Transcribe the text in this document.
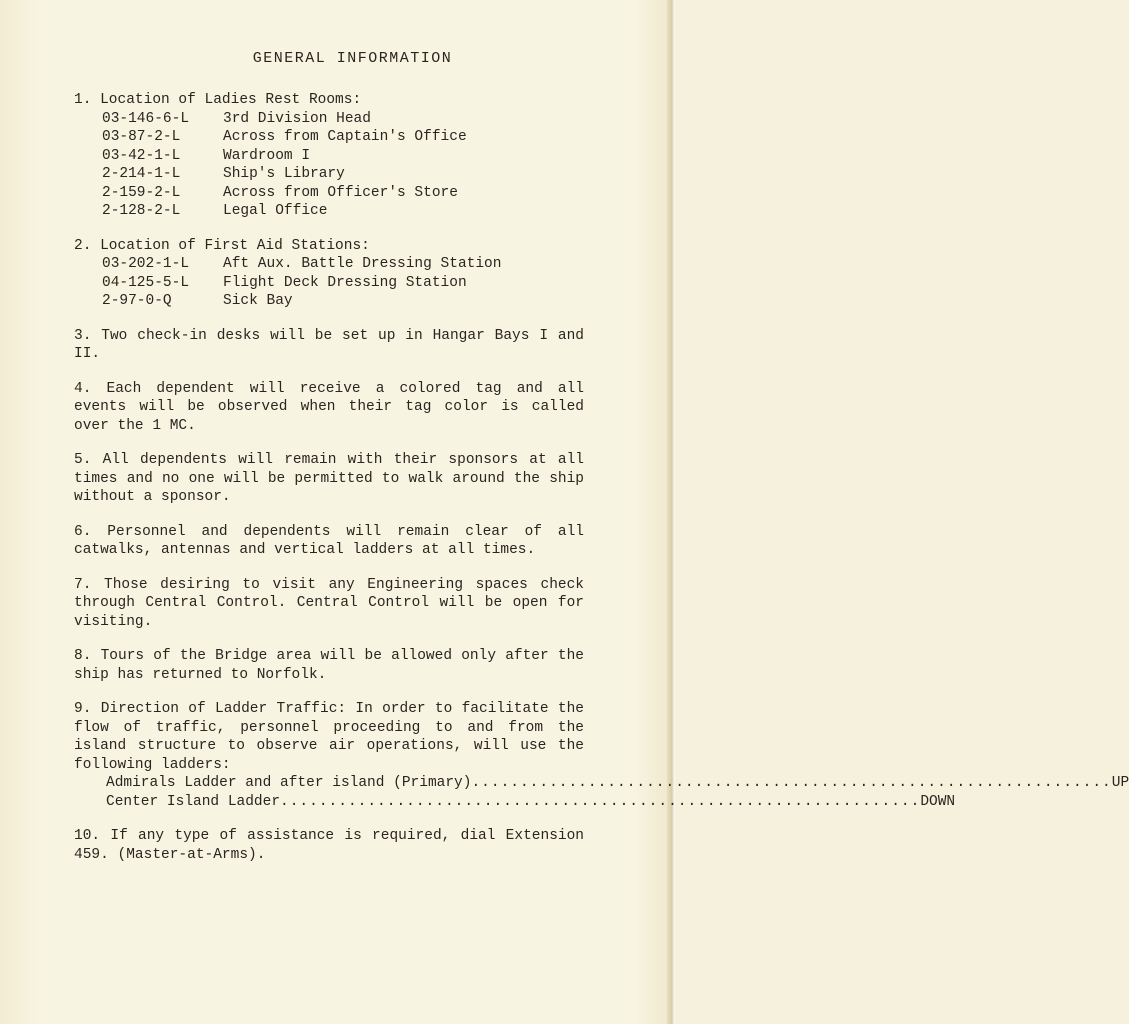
GENERAL INFORMATION

1. Location of Ladies Rest Rooms:

03-146-6-L	3rd Division Head
03-87-2-L	Across from Captain's Office
03-42-1-L	Wardroom I
2-214-1-L	Ship's Library
2-159-2-L	Across from Officer's Store
2-128-2-L	Legal Office

2. Location of First Aid Stations:

03-202-1-L	Aft Aux. Battle Dressing Station
04-125-5-L	Flight Deck Dressing Station
2-97-0-Q	Sick Bay

3. Two check-in desks will be set up in Hangar Bays I and II.

4. Each dependent will receive a colored tag and all events will be observed when their tag color is called over the 1 MC.

5. All dependents will remain with their sponsors at all times and no one will be permitted to walk around the ship without a sponsor.

6. Personnel and dependents will remain clear of all catwalks, antennas and vertical ladders at all times.

7. Those desiring to visit any Engineering spaces check through Central Control. Central Control will be open for visiting.

8. Tours of the Bridge area will be allowed only after the ship has returned to Norfolk.

9. Direction of Ladder Traffic: In order to facilitate the flow of traffic, personnel proceeding to and from the island structure to observe air operations, will use the following ladders:

Admirals Ladder and after island (Primary) .................................................................. UP
Center Island Ladder .................................................................. DOWN

10. If any type of assistance is required, dial Extension 459. (Master-at-Arms).
